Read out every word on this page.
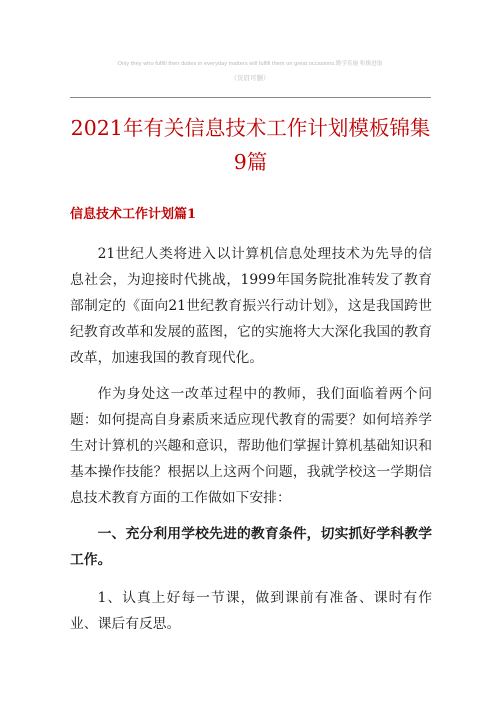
Only they who fulfill their duties in everyday matters will fulfill them on great occasions.勤学乐施 积极进取
（页眉可删）
2021年有关信息技术工作计划模板锦集9篇
信息技术工作计划篇1

21世纪人类将进入以计算机信息处理技术为先导的信息社会，为迎接时代挑战，1999年国务院批准转发了教育部制定的《面向21世纪教育振兴行动计划》，这是我国跨世纪教育改革和发展的蓝图，它的实施将大大深化我国的教育改革，加速我国的教育现代化。

作为身处这一改革过程中的教师，我们面临着两个问题：如何提高自身素质来适应现代教育的需要？如何培养学生对计算机的兴趣和意识，帮助他们掌握计算机基础知识和基本操作技能？根据以上这两个问题，我就学校这一学期信息技术教育方面的工作做如下安排：

一、充分利用学校先进的教育条件，切实抓好学科教学工作。

1、认真上好每一节课，做到课前有准备、课时有作业、课后有反思。
